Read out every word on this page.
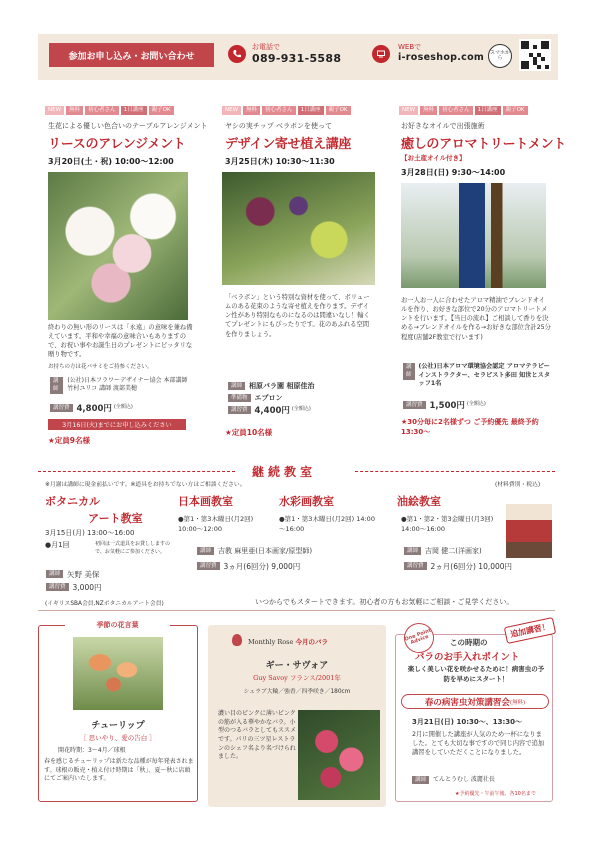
参加お申し込み・お問い合わせ
お電話で
089-931-5588
WEBで
i-roseshop.com	スマホから
NEW	無料	初心者さん	1日講座	親子OK
生花による優しい色合いのテーブルアレンジメント
リースのアレンジメント
3月20日(土・祝) 10:00～12:00
終わりの無い形のリースは「永遠」の意味を兼ね備えています。平和や幸福の意味合いもありますので、お祝い事やお誕生日のプレゼントにピッタリな贈り物です。
お持ちの方は花バサミをご持参ください。
講師
(公社)日本フラワーデザイナー協会 本部講師 竹村ユリコ 講師 渡部美穂
講習費 4,800円 (全額込)
3月16日(火)までにお申し込みください
★定員9名様
NEW	無料	初心者さん	1日講座	親子OK
ヤシの実チップ ベラボンを使って
デザイン寄せ植え講座
3月25日(木) 10:30～11:30
「ベラボン」という特別な資材を使って、ボリュームのある花束のような寄せ植えを作ります。デザイン性があり特別なものになるのは間違いなし！輸くてプレゼントにもぴったりです。花のあふれる空間を作りましょう。
講師	相原バラ園 相原佳治
準備物	エプロン
講習費 4,400円 (全額込)
★定員10名様
NEW	無料	初心者さん	1日講座	親子OK
お好きなオイルで出張施術
癒しのアロマトリートメント
【お土産オイル付き】
3月28日(日) 9:30～14:00
お一人お一人に合わせたアロマ精油でブレンドオイルを作り、お好きな部位で20分のアロマトリートメントを行います。【当日の流れ】ご相談して香りを決める→ブレンドオイルを作る→お好きな部位含計25分程度(店舗2F教室で行います)
講師
(公社)日本アロマ環境協会認定 アロマテラピーインストラクター、セラピスト多田 知世とスタッフ1名
講習費 1,500円 (全額込)
★30分毎に2名様ずつ ご予約優先 最終予約13:30～
継続教室
※月謝は講師に現金前払いです。※道具をお持ちでない方はご相談ください。	(材料費別・税込)
ボタニカル
アート教室
3月15日(月) 13:00～16:00
●月1回	初回は一式道具をお貸ししますので、お気軽にご参加ください。
講師 矢野 美保
講習費 3,000円
(イギリスSBA会員,NZボタニカルアート会員)
日本画教室
●第1・第3木曜日(月2回) 10:00～12:00
水彩画教室
●第1・第3木曜日(月2回) 14:00～16:00
講師	吉教 麻里亜(日本画家/原型師)
講習費 3ヵ月(6回分) 9,000円
油絵教室
●第1・第2・第3金曜日(月3回) 14:00～16:00
講師	吉岡 健二(洋画家)
講習費 2ヵ月(6回分) 10,000円
いつからでもスタートできます。初心者の方もお気軽にご相談・ご見学ください。
季節の花言葉
チューリップ
［ 思いやり、愛の告白 ］
開花時期：3～4月／球根
春を感じるチューリップは新たな品種が毎年発表されます。球根の販売・植え付け時期は「秋」、夏～秋に店頭にてご案内いたします。
Monthly Rose 今月のバラ
ギー・サヴォア
Guy Savoy フランス/2001年
シュラブ大輪／強香／四季咲き／180cm
濃い目のピンクに薄いピンクの筋が入る華やかなバラ。小型のつるバラとしてもススメです。パリの三ツ星レストランのシェフ名より名づけられました。
One Point Advice	この時期の
バラのお手入れポイント
追加講習！
楽しく美しい花を咲かせるために！病害虫の予防を早めにスタート！
春の病害虫対策講習会 (無料)
3月21日(日) 10:30～、13:30～
2月に開催した講座が人気のため一杯になりました。とても大切な事ですので同じ内容で追加講習をしていただくことになりました。
講師	てんとうむし 波麗社長
★予約優先・午前午後、各10名まで
